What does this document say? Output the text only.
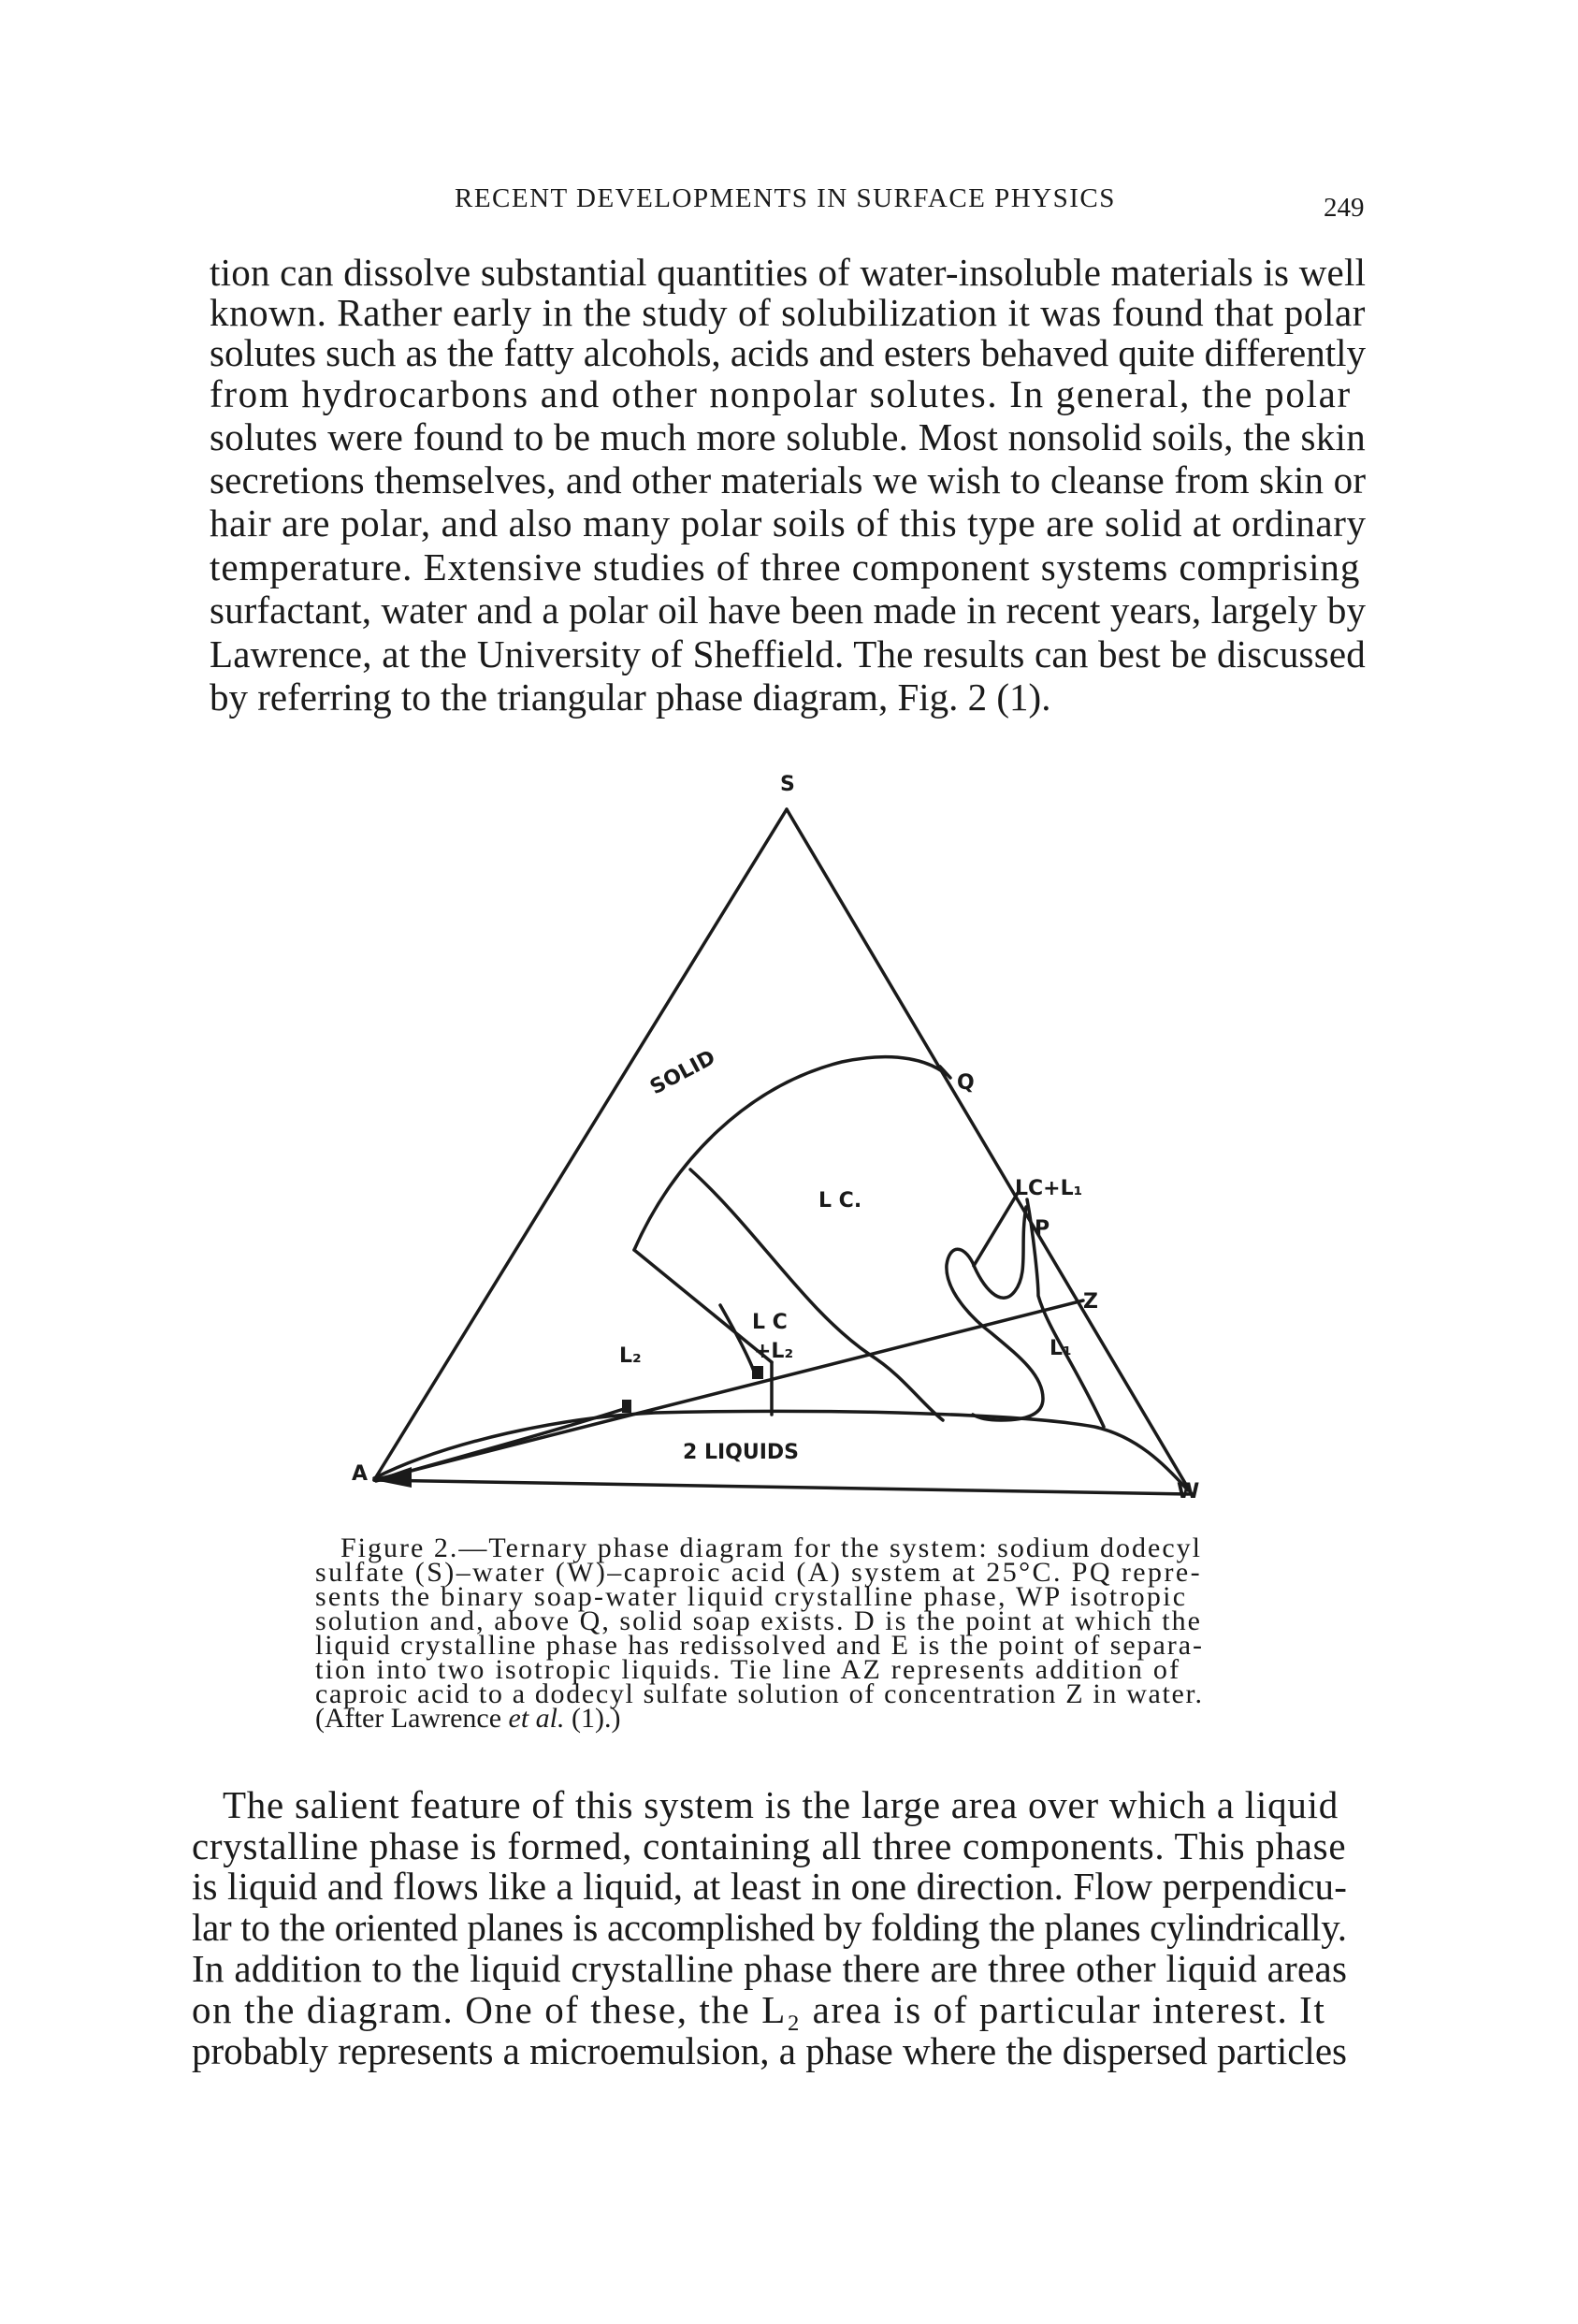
RECENT DEVELOPMENTS IN SURFACE PHYSICS	249
tion can dissolve substantial quantities of water-insoluble materials is well
known. Rather early in the study of solubilization it was found that polar
solutes such as the fatty alcohols, acids and esters behaved quite differently
from hydrocarbons and other nonpolar solutes. In general, the polar
solutes were found to be much more soluble. Most nonsolid soils, the skin
secretions themselves, and other materials we wish to cleanse from skin or
hair are polar, and also many polar soils of this type are solid at ordinary
temperature. Extensive studies of three component systems comprising
surfactant, water and a polar oil have been made in recent years, largely by
Lawrence, at the University of Sheffield. The results can best be discussed
by referring to the triangular phase diagram, Fig. 2 (1).
S
A
W
Q
P
Z
SOLID
L C.
LC+L₁
L C
+L₂
L₂	L₁
2 LIQUIDS
Figure 2.—Ternary phase diagram for the system: sodium dodecyl
sulfate (S)–water (W)–caproic acid (A) system at 25°C. PQ repre-
sents the binary soap-water liquid crystalline phase, WP isotropic
solution and, above Q, solid soap exists. D is the point at which the
liquid crystalline phase has redissolved and E is the point of separa-
tion into two isotropic liquids. Tie line AZ represents addition of
caproic acid to a dodecyl sulfate solution of concentration Z in water.
(After Lawrence et al. (1).)
The salient feature of this system is the large area over which a liquid
crystalline phase is formed, containing all three components. This phase
is liquid and flows like a liquid, at least in one direction. Flow perpendicu-
lar to the oriented planes is accomplished by folding the planes cylindrically.
In addition to the liquid crystalline phase there are three other liquid areas
on the diagram. One of these, the L₂ area is of particular interest. It
probably represents a microemulsion, a phase where the dispersed particles
